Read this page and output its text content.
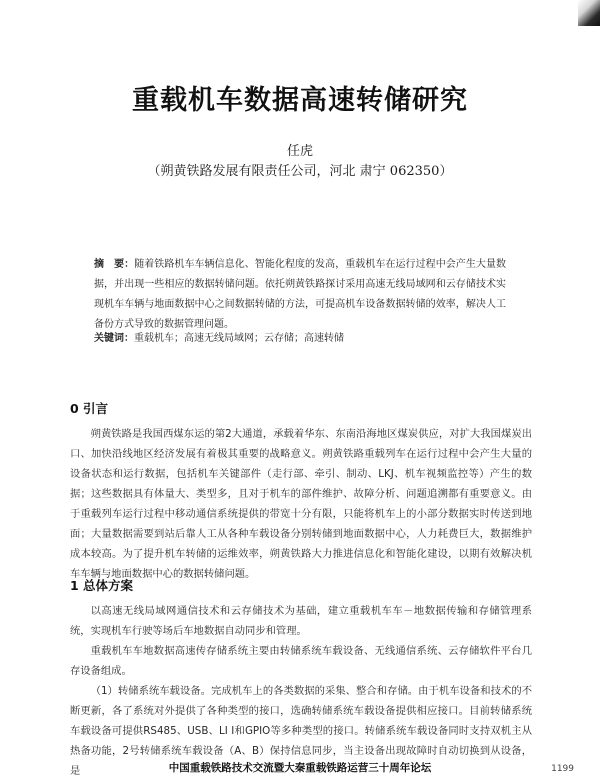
重载机车数据高速转储研究
任虎
（朔黄铁路发展有限责任公司，河北 肃宁 062350）
摘　要：随着铁路机车车辆信息化、智能化程度的发高，重载机车在运行过程中会产生大量数据，并出现一些相应的数据转储问题。依托朔黄铁路探讨采用高速无线局域网和云存储技术实现机车车辆与地面数据中心之间数据转储的方法，可提高机车设备数据转储的效率，解决人工备份方式导致的数据管理问题。
关键词：重载机车；高速无线局域网；云存储；高速转储
0 引言

朔黄铁路是我国西煤东运的第2大通道，承载着华东、东南沿海地区煤炭供应，对扩大我国煤炭出口、加快沿线地区经济发展有着极其重要的战略意义。朔黄铁路重载列车在运行过程中会产生大量的设备状态和运行数据，包括机车关键部件（走行部、牵引、制动、LKJ、机车视频监控等）产生的数据；这些数据具有体量大、类型多，且对于机车的部件维护、故障分析、问题追溯都有重要意义。由于重载列车运行过程中移动通信系统提供的带宽十分有限，只能将机车上的小部分数据实时传送到地面；大量数据需要到站后靠人工从各种车载设备分别转储到地面数据中心，人力耗费巨大，数据维护成本较高。为了提升机车转储的运维效率，朔黄铁路大力推进信息化和智能化建设，以期有效解决机车车辆与地面数据中心的数据转储问题。

1 总体方案

以高速无线局域网通信技术和云存储技术为基础，建立重载机车车－地数据传输和存储管理系统，实现机车行驶等场后车地数据自动同步和管理。

重载机车车地数据高速传存储系统主要由转储系统车载设备、无线通信系统、云存储软件平台几存设备组成。

（1）转储系统车载设备。完成机车上的各类数据的采集、整合和存储。由于机车设备和技术的不断更新，各了系统对外提供了各种类型的接口，选确转储系统车载设备提供相应接口。目前转储系统车载设备可提供RS485、USB、LI I和GPIO等多种类型的接口。转储系统车载设备同时支持双机主从热备功能，2号转储系统车载设备（A、B）保持信息同步，当主设备出现故障时自动切换到从设备，是	中国重载铁路技术交流暨大秦重载铁路运营三十周年论坛	1199
